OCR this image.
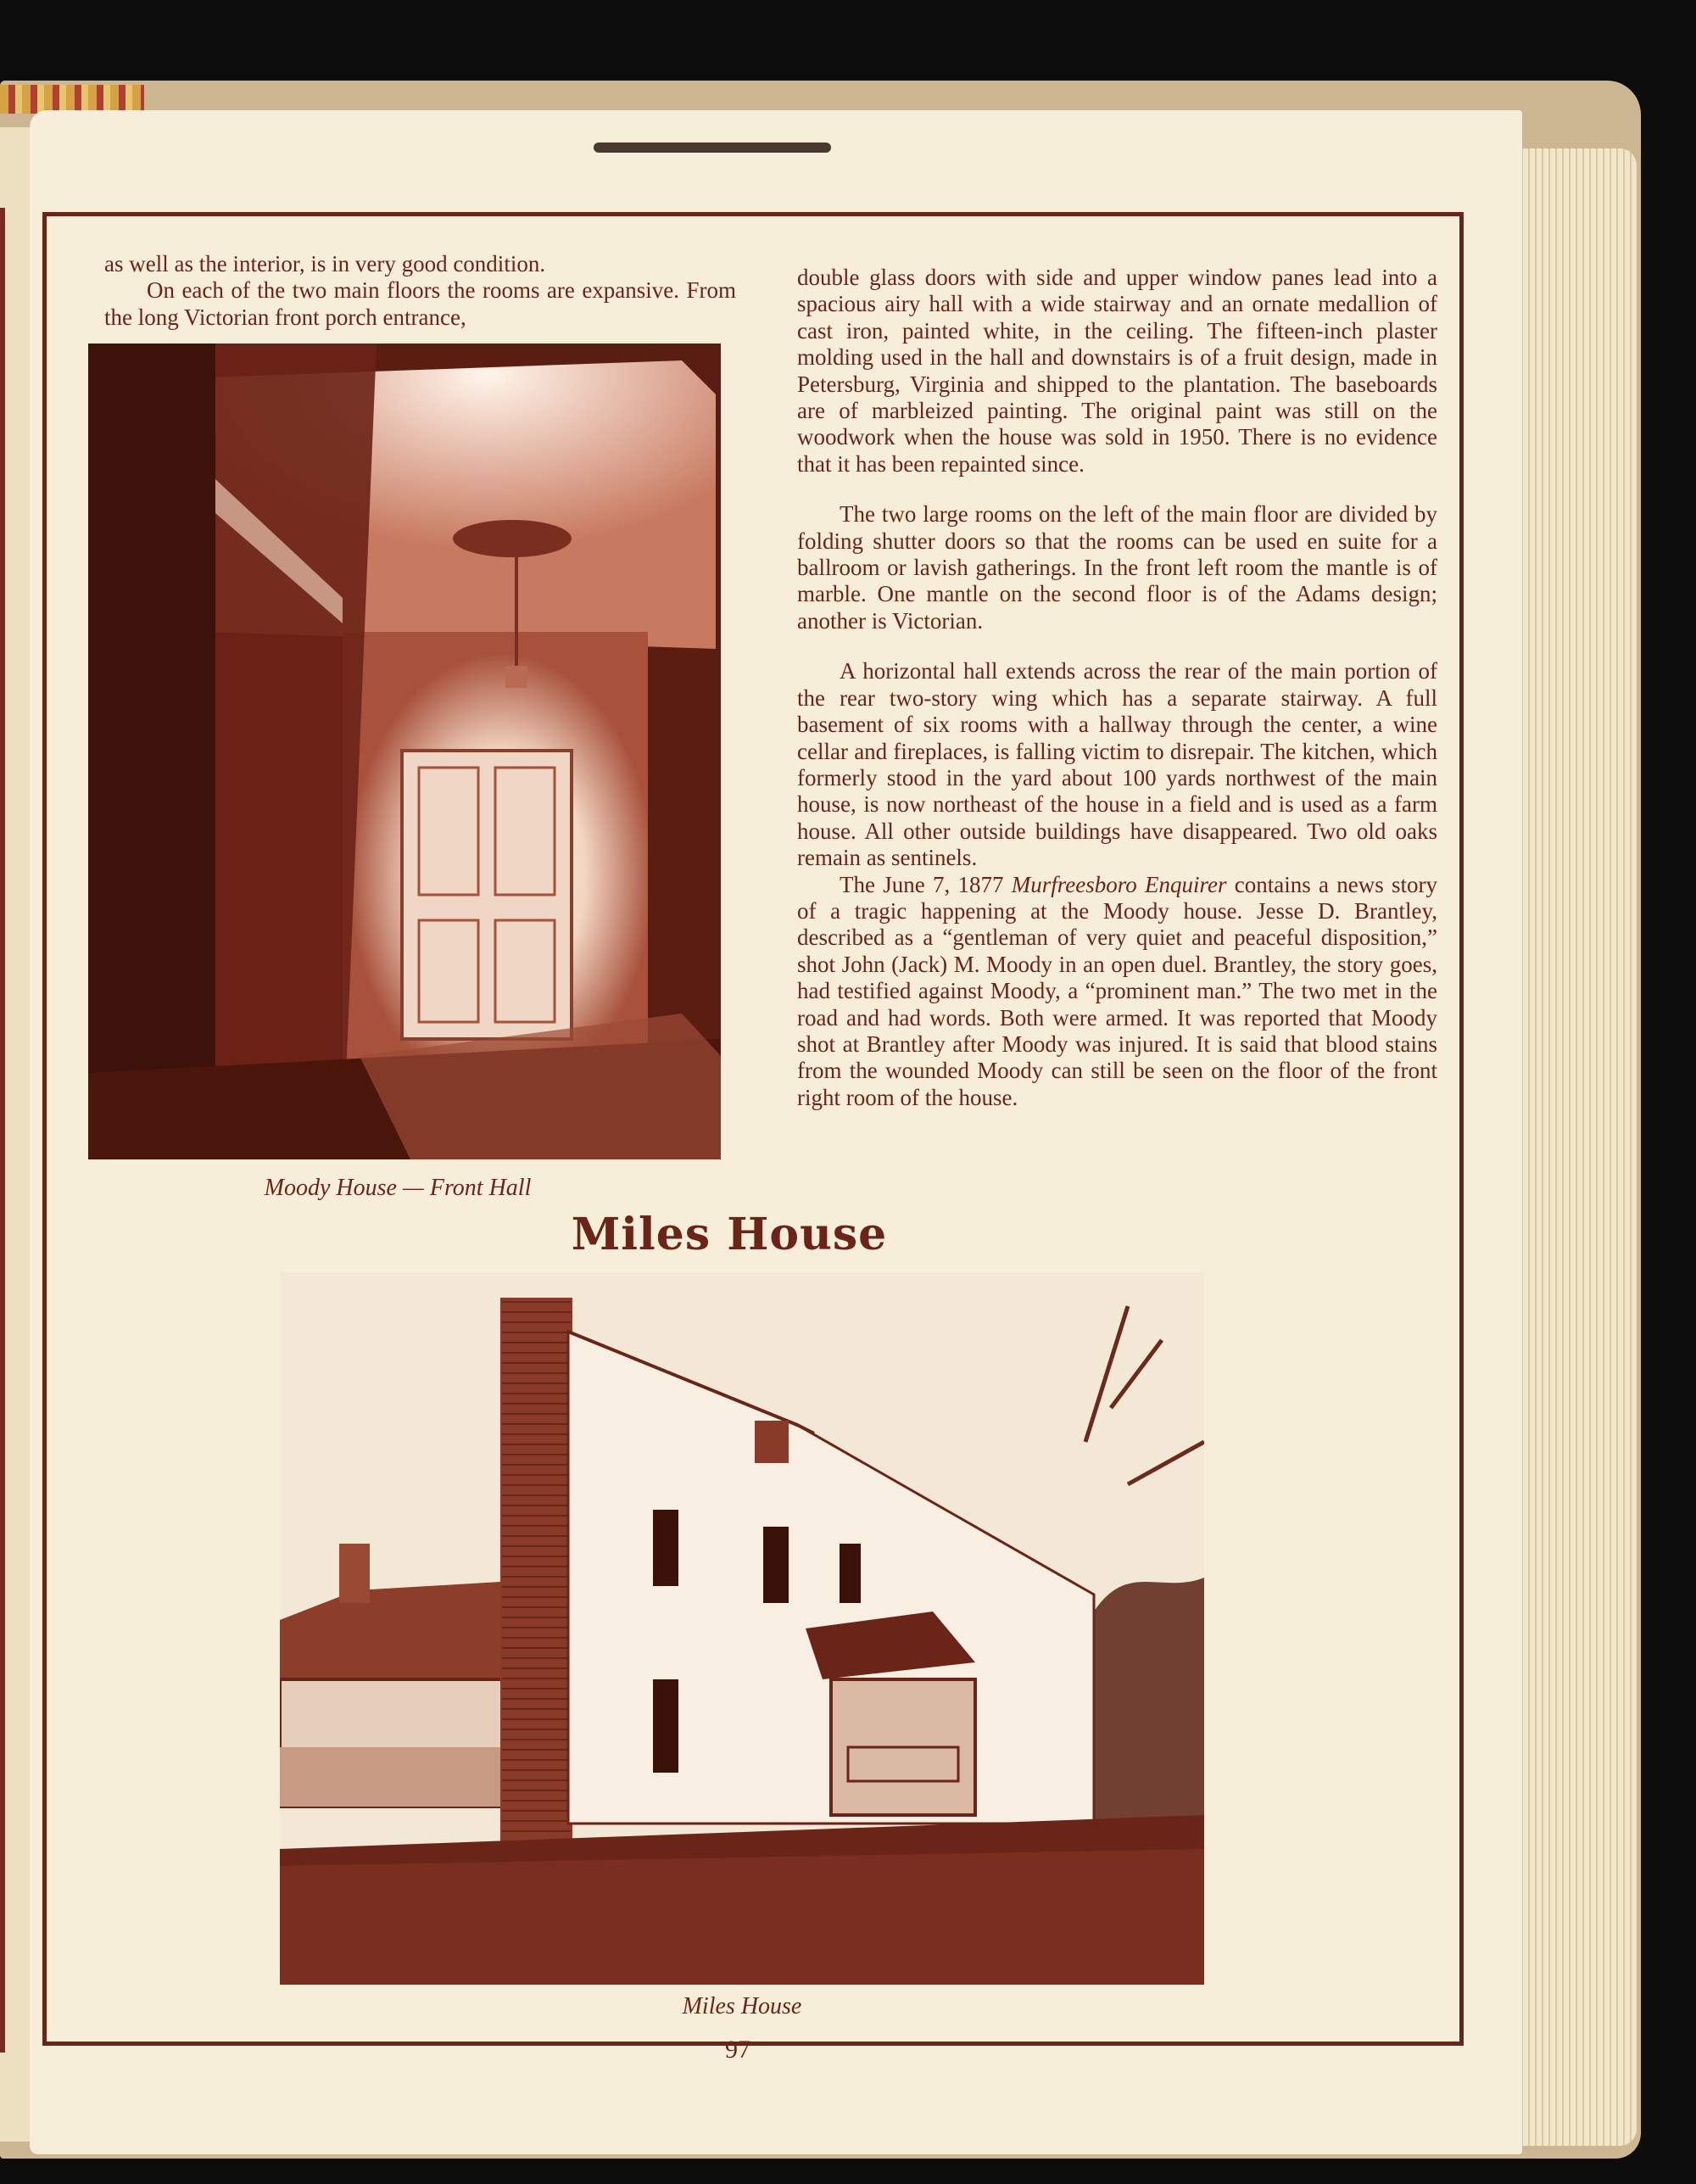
as well as the interior, is in very good condition.
On each of the two main floors the rooms are expansive. From the long Victorian front porch entrance,
Moody House — Front Hall
double glass doors with side and upper window panes lead into a spacious airy hall with a wide stairway and an ornate medallion of cast iron, painted white, in the ceiling. The fifteen-inch plaster molding used in the hall and downstairs is of a fruit design, made in Petersburg, Virginia and shipped to the plantation. The baseboards are of marbleized painting. The original paint was still on the woodwork when the house was sold in 1950. There is no evidence that it has been repainted since.
The two large rooms on the left of the main floor are divided by folding shutter doors so that the rooms can be used en suite for a ballroom or lavish gatherings. In the front left room the mantle is of marble. One mantle on the second floor is of the Adams design; another is Victorian.
A horizontal hall extends across the rear of the main portion of the rear two-story wing which has a separate stairway. A full basement of six rooms with a hallway through the center, a wine cellar and fireplaces, is falling victim to disrepair. The kitchen, which formerly stood in the yard about 100 yards northwest of the main house, is now northeast of the house in a field and is used as a farm house. All other outside buildings have disappeared. Two old oaks remain as sentinels.
The June 7, 1877 Murfreesboro Enquirer contains a news story of a tragic happening at the Moody house. Jesse D. Brantley, described as a “gentleman of very quiet and peaceful disposition,” shot John (Jack) M. Moody in an open duel. Brantley, the story goes, had testified against Moody, a “prominent man.” The two met in the road and had words. Both were armed. It was reported that Moody shot at Brantley after Moody was injured. It is said that blood stains from the wounded Moody can still be seen on the floor of the front right room of the house.
Miles House
Miles House
97
